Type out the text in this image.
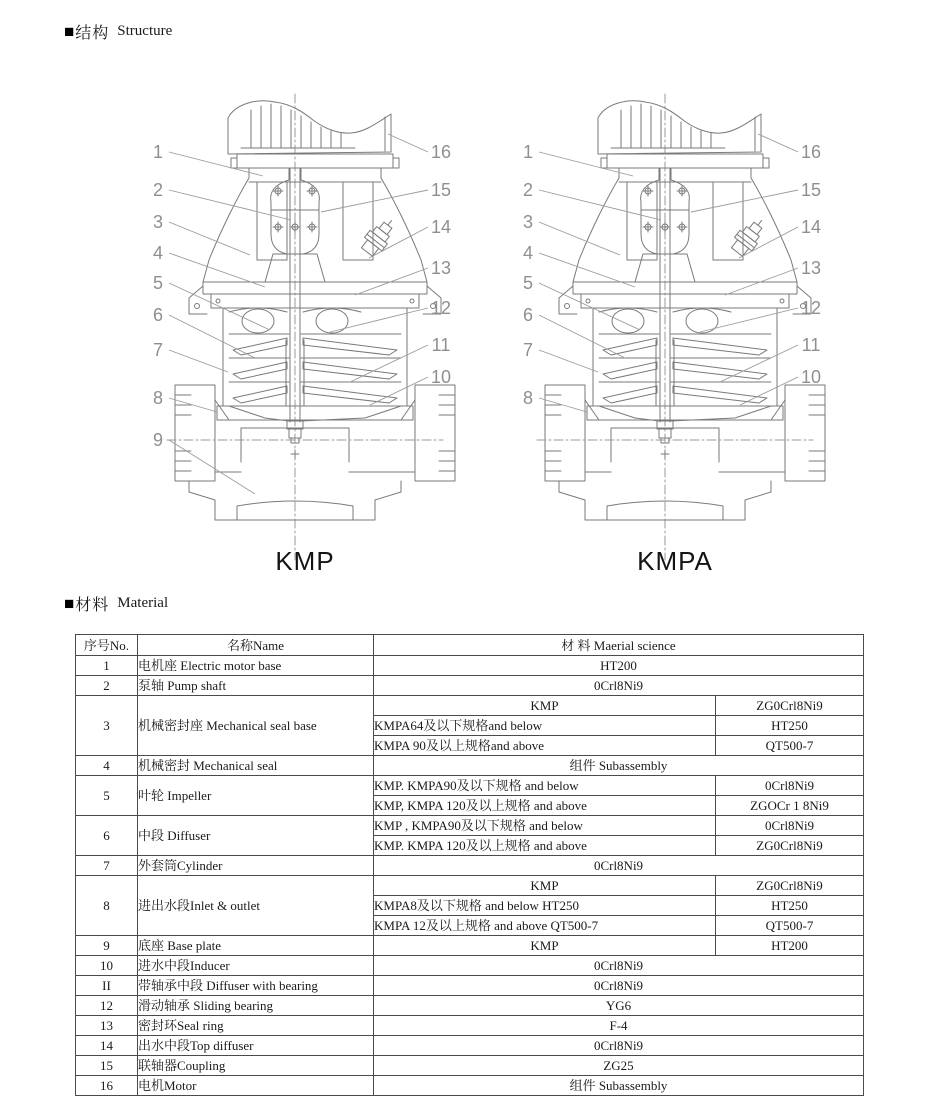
■ 结构 Structure
1
2
3
4
5
6
7
8
9
10
11
12
13
14
15
16	1
2
3
4
5
6
7
8
10
11
12
13
14
15
16
KMP	KMPA
■ 材料 Material
序号No.	名称Name	材 料 Maerial science	
1	电机座 Electric motor base	HT200	
2	泵轴 Pump shaft	0Crl8Ni9	
3	机械密封座 Mechanical seal base	KMP	ZG0Crl8Ni9
		KMPA64及以下规格and below	HT250
		KMPA 90及以上规格and above	QT500-7
4	机械密封 Mechanical seal	组件 Subassembly	
5	叶轮 Impeller	KMP. KMPA90及以下规格 and below	0Crl8Ni9
		KMP, KMPA 120及以上规格 and above	ZGOCr 1 8Ni9
6	中段 Diffuser	KMP , KMPA90及以下规格 and below	0Crl8Ni9
		KMP. KMPA 120及以上规格 and above	ZG0Crl8Ni9
7	外套筒Cylinder	0Crl8Ni9	
8	进出水段Inlet & outlet	KMP	ZG0Crl8Ni9
		KMPA8及以下规格 and below HT250	HT250
		KMPA 12及以上规格 and above QT500-7	QT500-7
9	底座 Base plate	KMP	HT200
10	进水中段Inducer	0Crl8Ni9	
II	带轴承中段 Diffuser with bearing	0Crl8Ni9	
12	滑动轴承 Sliding bearing	YG6	
13	密封环Seal ring	F-4	
14	出水中段Top diffuser	0Crl8Ni9	
15	联轴器Coupling	ZG25	
16	电机Motor	组件 Subassembly	
